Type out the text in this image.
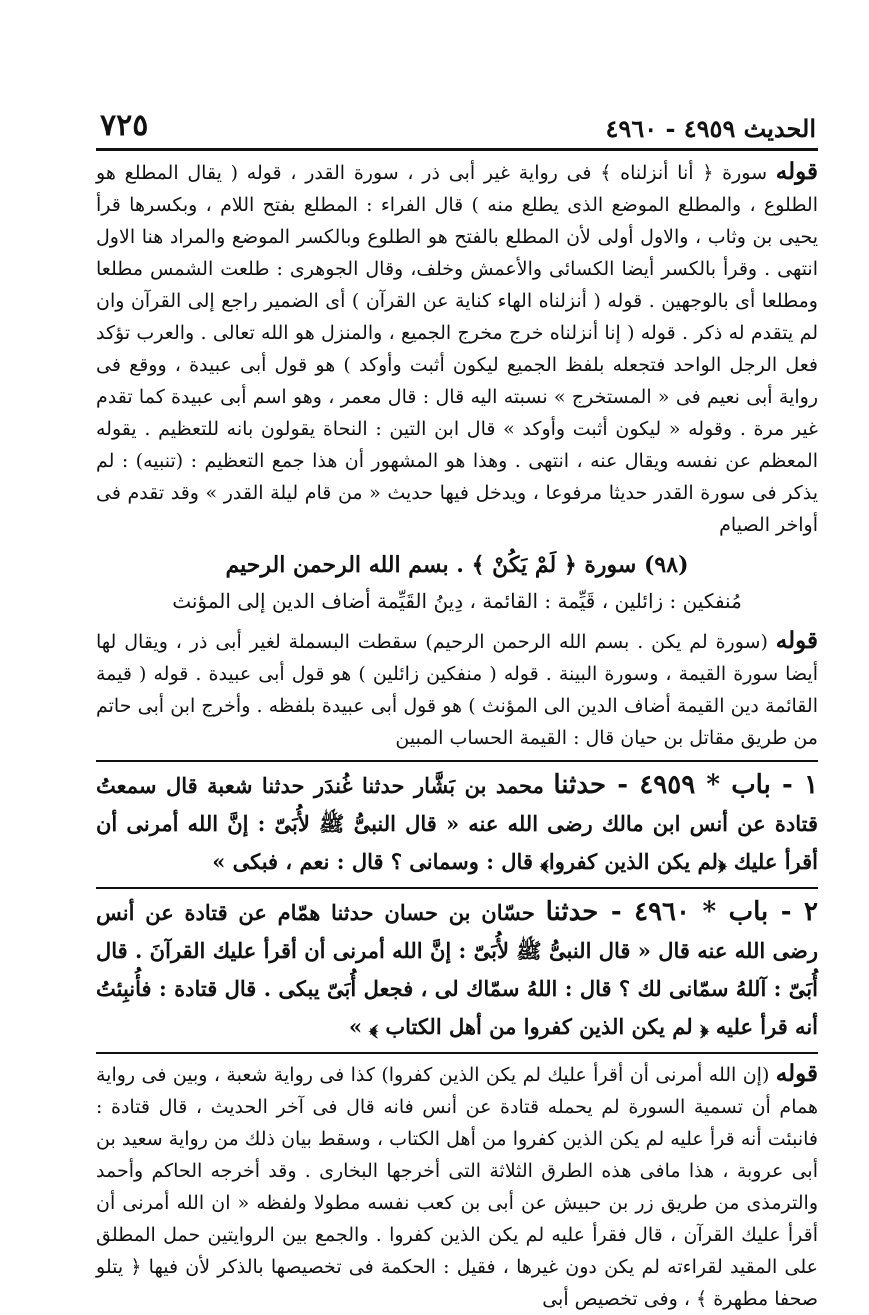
الحديث ٤٩٥٩ - ٤٩٦٠
٧٢٥

قوله سورة ﴿ أنا أنزلناه ﴾ فى رواية غير أبى ذر ، سورة القدر ، قوله ( يقال المطلع هو الطلوع ، والمطلع الموضع الذى يطلع منه ) قال الفراء : المطلع بفتح اللام ، وبكسرها قرأ يحيى بن وثاب ، والاول أولى لأن المطلع بالفتح هو الطلوع وبالكسر الموضع والمراد هنا الاول انتهى . وقرأ بالكسر أيضا الكسائى والأعمش وخلف، وقال الجوهرى : طلعت الشمس مطلعا ومطلعا أى بالوجهين . قوله ( أنزلناه الهاء كناية عن القرآن ) أى الضمير راجع إلى القرآن وان لم يتقدم له ذكر . قوله ( إنا أنزلناه خرج مخرج الجميع ، والمنزل هو الله تعالى . والعرب تؤكد فعل الرجل الواحد فتجعله بلفظ الجميع ليكون أثبت وأوكد ) هو قول أبى عبيدة ، ووقع فى رواية أبى نعيم فى « المستخرج » نسبته اليه قال : قال معمر ، وهو اسم أبى عبيدة كما تقدم غير مرة . وقوله « ليكون أثبت وأوكد » قال ابن التين : النحاة يقولون بانه للتعظيم . يقوله المعظم عن نفسه ويقال عنه ، انتهى . وهذا هو المشهور أن هذا جمع التعظيم : (تنبيه) : لم يذكر فى سورة القدر حديثا مرفوعا ، ويدخل فيها حديث « من قام ليلة القدر » وقد تقدم فى أواخر الصيام

(٩٨) سورة ﴿ لَمْ يَكُنْ ﴾ . بسم الله الرحمن الرحيم

مُنفكين : زائلين ، قَيِّمة : القائمة ، دِينُ القَيِّمة أضاف الدين إلى المؤنث

قوله (سورة لم يكن . بسم الله الرحمن الرحيم) سقطت البسملة لغير أبى ذر ، ويقال لها أيضا سورة القيمة ، وسورة البينة . قوله ( منفكين زائلين ) هو قول أبى عبيدة . قوله ( قيمة القائمة دين القيمة أضاف الدين الى المؤنث ) هو قول أبى عبيدة بلفظه . وأخرج ابن أبى حاتم من طريق مقاتل بن حيان قال : القيمة الحساب المبين

١ - باب * ٤٩٥٩ - حدثنا محمد بن بَشَّار حدثنا غُندَر حدثنا شعبة قال سمعتُ قتادة عن أنس ابن مالك رضى الله عنه « قال النبىُّ ﷺ لأُبَىّ : إنَّ الله أمرنى أن أقرأ عليك ﴿لم يكن الذين كفروا﴾ قال : وسمانى ؟ قال : نعم ، فبكى »

٢ - باب * ٤٩٦٠ - حدثنا حسّان بن حسان حدثنا همّام عن قتادة عن أنس رضى الله عنه قال « قال النبىُّ ﷺ لأُبَىّ : إنَّ الله أمرنى أن أقرأ عليك القرآنَ . قال أُبَىّ : آللهُ سمّانى لك ؟ قال : اللهُ سمّاك لى ، فجعل أُبَىّ يبكى . قال قتادة : فأُنبِئتُ أنه قرأ عليه ﴿ لم يكن الذين كفروا من أهل الكتاب ﴾ »

قوله (إن الله أمرنى أن أقرأ عليك لم يكن الذين كفروا) كذا فى رواية شعبة ، وبين فى رواية همام أن تسمية السورة لم يحمله قتادة عن أنس فانه قال فى آخر الحديث ، قال قتادة : فانبئت أنه قرأ عليه لم يكن الذين كفروا من أهل الكتاب ، وسقط بيان ذلك من رواية سعيد بن أبى عروبة ، هذا مافى هذه الطرق الثلاثة التى أخرجها البخارى . وقد أخرجه الحاكم وأحمد والترمذى من طريق زر بن حبيش عن أبى بن كعب نفسه مطولا ولفظه « ان الله أمرنى أن أقرأ عليك القرآن ، قال فقرأ عليه لم يكن الذين كفروا . والجمع بين الروايتين حمل المطلق على المقيد لقراءته لم يكن دون غيرها ، فقيل : الحكمة فى تخصيصها بالذكر لأن فيها ﴿ يتلو صحفا مطهرة ﴾ ، وفى تخصيص أبى
